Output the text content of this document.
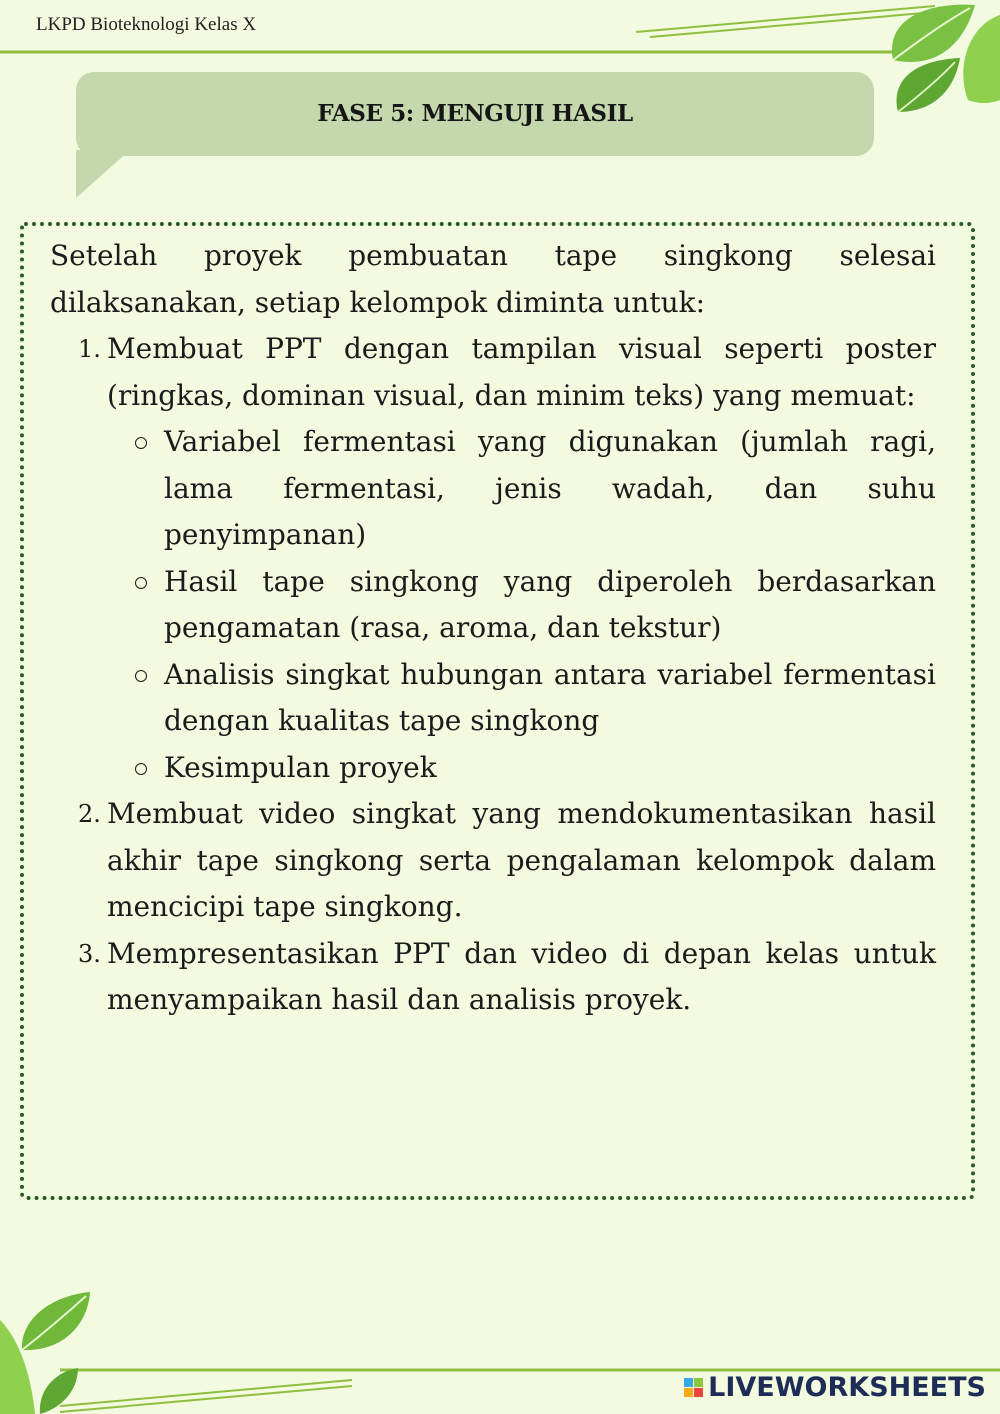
LKPD Bioteknologi Kelas X
FASE 5: MENGUJI HASIL

Setelah proyek pembuatan tape singkong selesai dilaksanakan, setiap kelompok diminta untuk:

1. Membuat PPT dengan tampilan visual seperti poster (ringkas, dominan visual, dan minim teks) yang memuat:

Variabel fermentasi yang digunakan (jumlah ragi, lama fermentasi, jenis wadah, dan suhu penyimpanan)

Hasil tape singkong yang diperoleh berdasarkan pengamatan (rasa, aroma, dan tekstur)

Analisis singkat hubungan antara variabel fermentasi dengan kualitas tape singkong

Kesimpulan proyek

2. Membuat video singkat yang mendokumentasikan hasil akhir tape singkong serta pengalaman kelompok dalam mencicipi tape singkong.

3. Mempresentasikan PPT dan video di depan kelas untuk menyampaikan hasil dan analisis proyek.

LIVEWORKSHEETS
